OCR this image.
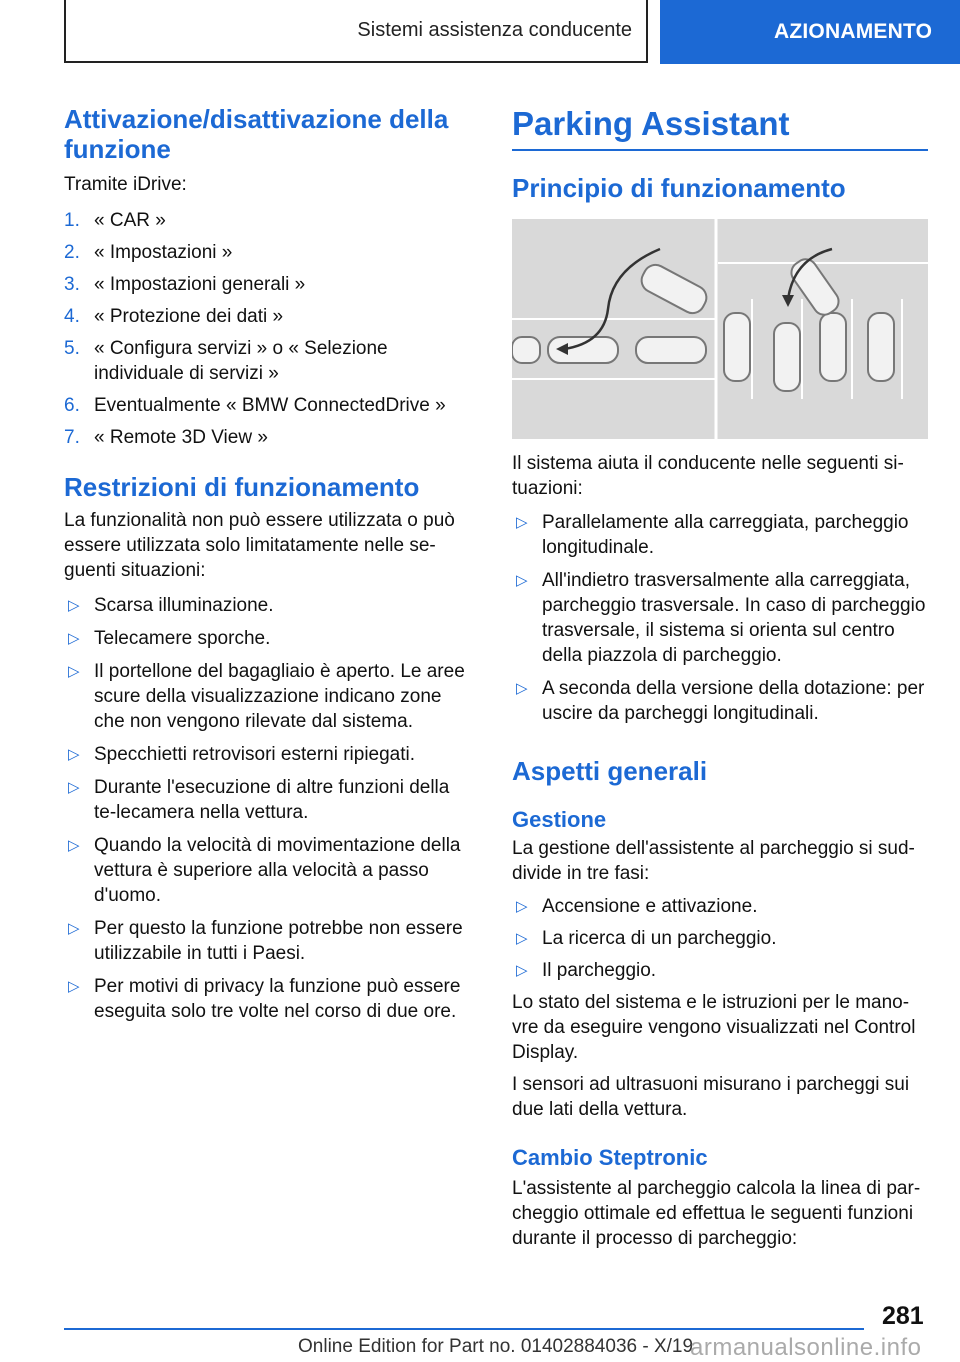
Sistemi assistenza conducente	AZIONAMENTO
Attivazione/disattivazione della funzione

Tramite iDrive:

1. « CAR »
2. « Impostazioni »
3. « Impostazioni generali »
4. « Protezione dei dati »
5. « Configura servizi » o « Selezione individuale di servizi »
6. Eventualmente « BMW ConnectedDrive »
7. « Remote 3D View »
Restrizioni di funzionamento

La funzionalità non può essere utilizzata o può essere utilizzata solo limitatamente nelle se‐guenti situazioni:

▷ Scarsa illuminazione.
▷ Telecamere sporche.
▷ Il portellone del bagagliaio è aperto. Le aree scure della visualizzazione indicano zone che non vengono rilevate dal sistema.
▷ Specchietti retrovisori esterni ripiegati.
▷ Durante l'esecuzione di altre funzioni della te‐lecamera nella vettura.
▷ Quando la velocità di movimentazione della vettura è superiore alla velocità a passo d'uomo.
▷ Per questo la funzione potrebbe non essere utilizzabile in tutti i Paesi.
▷ Per motivi di privacy la funzione può essere eseguita solo tre volte nel corso di due ore.
Parking Assistant
Principio di funzionamento

Il sistema aiuta il conducente nelle seguenti si‐tuazioni:

▷ Parallelamente alla carreggiata, parcheggio longitudinale.
▷ All'indietro trasversalmente alla carreggiata, parcheggio trasversale. In caso di parcheggio trasversale, il sistema si orienta sul centro della piazzola di parcheggio.
▷ A seconda della versione della dotazione: per uscire da parcheggi longitudinali.
Aspetti generali
Gestione

La gestione dell'assistente al parcheggio si sud‐divide in tre fasi:

▷ Accensione e attivazione.
▷ La ricerca di un parcheggio.
▷ Il parcheggio.

Lo stato del sistema e le istruzioni per le mano‐vre da eseguire vengono visualizzati nel Control Display.

I sensori ad ultrasuoni misurano i parcheggi sui due lati della vettura.

Cambio Steptronic

L'assistente al parcheggio calcola la linea di par‐cheggio ottimale ed effettua le seguenti funzioni durante il processo di parcheggio:

281
Online Edition for Part no. 01402884036 - X/19
armanualsonline.info
